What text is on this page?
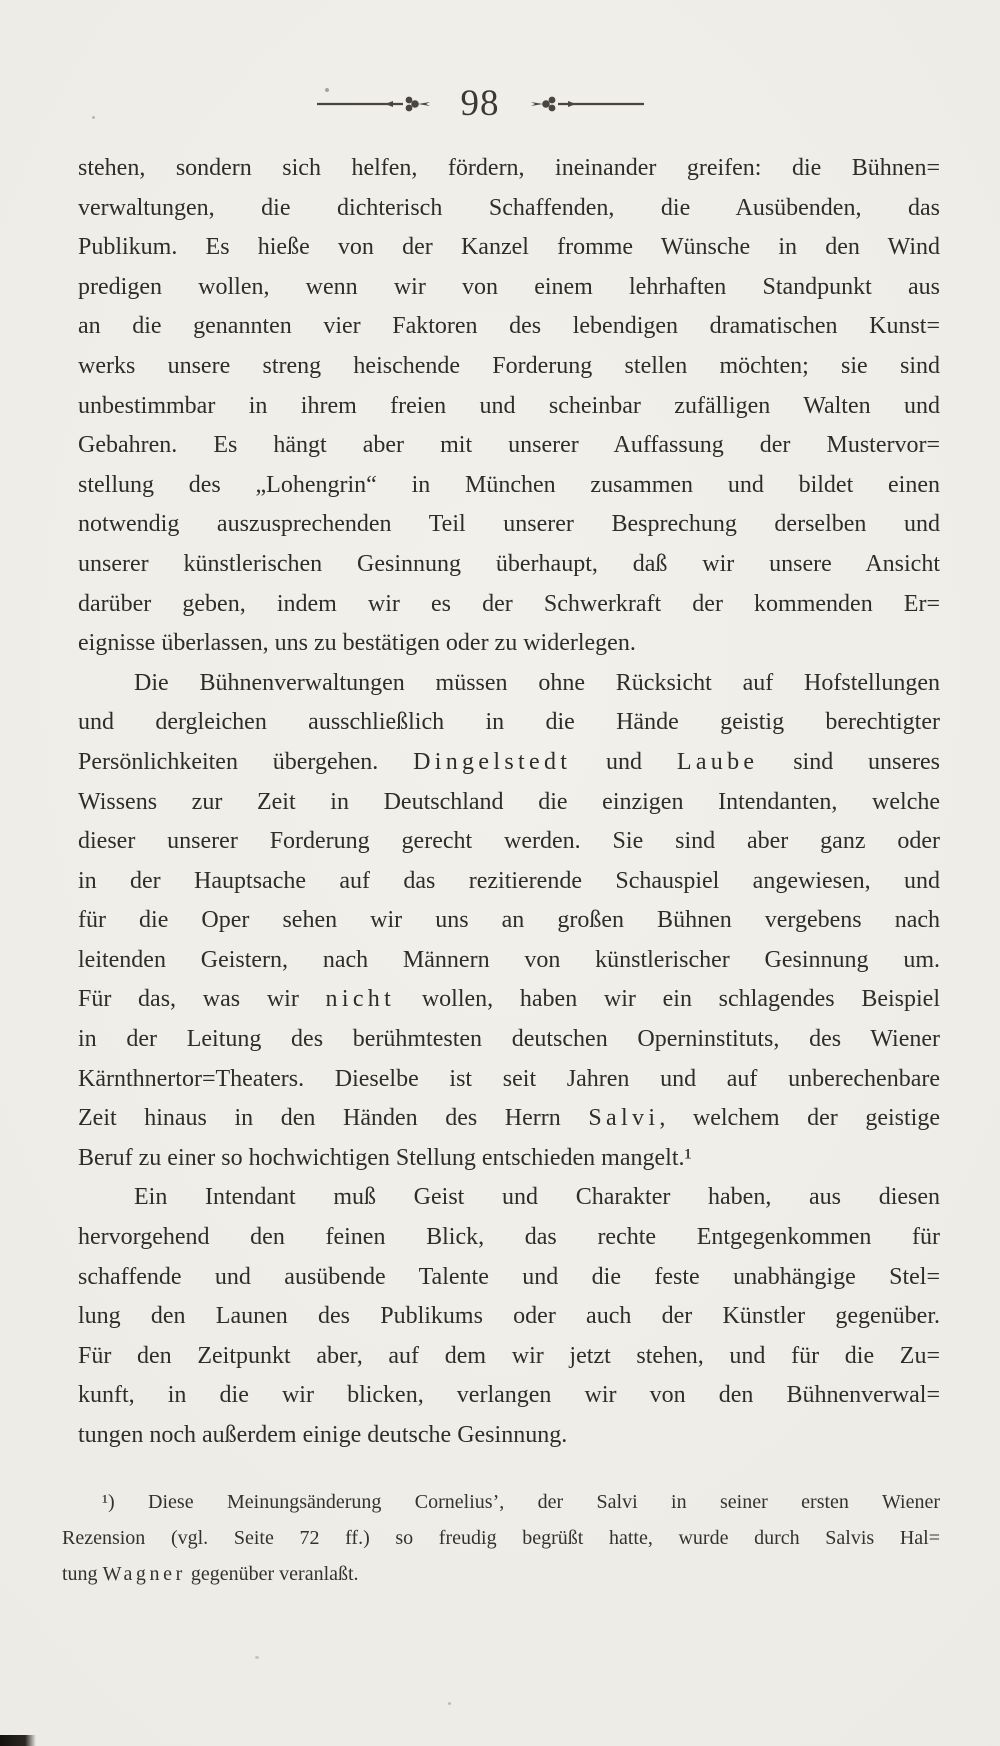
98
stehen, sondern sich helfen, fördern, ineinander greifen: die Bühnen=
verwaltungen, die dichterisch Schaffenden, die Ausübenden, das
Publikum. Es hieße von der Kanzel fromme Wünsche in den Wind
predigen wollen, wenn wir von einem lehrhaften Standpunkt aus
an die genannten vier Faktoren des lebendigen dramatischen Kunst=
werks unsere streng heischende Forderung stellen möchten; sie sind
unbestimmbar in ihrem freien und scheinbar zufälligen Walten und
Gebahren. Es hängt aber mit unserer Auffassung der Mustervor=
stellung des „Lohengrin“ in München zusammen und bildet einen
notwendig auszusprechenden Teil unserer Besprechung derselben und
unserer künstlerischen Gesinnung überhaupt, daß wir unsere Ansicht
darüber geben, indem wir es der Schwerkraft der kommenden Er=
eignisse überlassen, uns zu bestätigen oder zu widerlegen.
Die Bühnenverwaltungen müssen ohne Rücksicht auf Hofstellungen
und dergleichen ausschließlich in die Hände geistig berechtigter
Persönlichkeiten übergehen. Dingelstedt und Laube sind unseres
Wissens zur Zeit in Deutschland die einzigen Intendanten, welche
dieser unserer Forderung gerecht werden. Sie sind aber ganz oder
in der Hauptsache auf das rezitierende Schauspiel angewiesen, und
für die Oper sehen wir uns an großen Bühnen vergebens nach
leitenden Geistern, nach Männern von künstlerischer Gesinnung um.
Für das, was wir nicht wollen, haben wir ein schlagendes Beispiel
in der Leitung des berühmtesten deutschen Operninstituts, des Wiener
Kärnthnertor=Theaters. Dieselbe ist seit Jahren und auf unberechenbare
Zeit hinaus in den Händen des Herrn Salvi, welchem der geistige
Beruf zu einer so hochwichtigen Stellung entschieden mangelt.¹
Ein Intendant muß Geist und Charakter haben, aus diesen
hervorgehend den feinen Blick, das rechte Entgegenkommen für
schaffende und ausübende Talente und die feste unabhängige Stel=
lung den Launen des Publikums oder auch der Künstler gegenüber.
Für den Zeitpunkt aber, auf dem wir jetzt stehen, und für die Zu=
kunft, in die wir blicken, verlangen wir von den Bühnenverwal=
tungen noch außerdem einige deutsche Gesinnung.
¹) Diese Meinungsänderung Cornelius’, der Salvi in seiner ersten Wiener
Rezension (vgl. Seite 72 ff.) so freudig begrüßt hatte, wurde durch Salvis Hal=
tung Wagner gegenüber veranlaßt.
